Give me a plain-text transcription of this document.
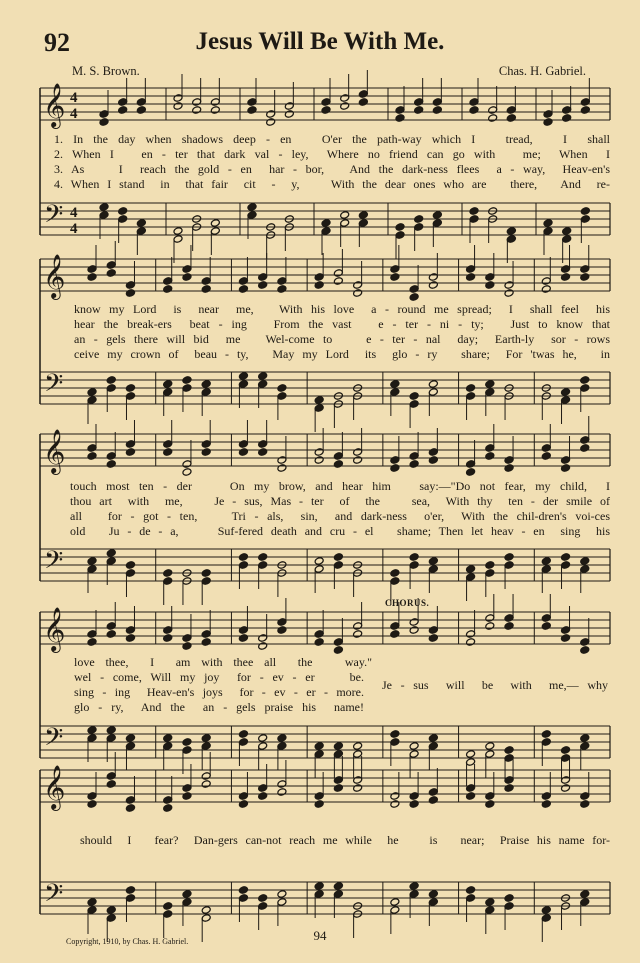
𝄞
𝄢
4
4
4
4
𝄞
𝄢
𝄞
𝄢
𝄞
𝄢
𝄞
𝄢
92	Jesus Will Be With Me.
M. S. Brown.	Chas. H. Gabriel.
1. In the day when shadows deep - en   O'er the path-way which I   tread,   I  shall
2. When I   en - ter that dark val - ley,  Where no friend can go with   me;  When  I
3. As    I  reach the gold - en  har - bor,   And the dark-ness flees  a - way,  Heav-en's
4. When I stand  in  that fair  cit  -  y,    With the dear ones who are   there,   And  re-
know my Lord  is  near  me,   With his love  a - round me spread;  I  shall feel  his
hear the break-ers  beat - ing   From the vast   e - ter - ni - ty;   Just to know that
an - gels there will bid  me   Wel-come to    e - ter - nal  day;  Earth-ly  sor - rows
ceive my crown of  beau - ty,   May my Lord  its  glo - ry   share;  For 'twas he,   in
touch most ten - der    On my brow, and hear him   say:—"Do not fear, my child,  I
thou art  with  me,    Je - sus, Mas - ter  of  the    sea,  With thy  ten - der smile of
all   for - got - ten,    Tri - als,  sin,  and dark-ness  o'er,  With the chil-dren's voi-ces
old   Ju - de - a,     Suf-fered death and cru - el   shame; Then let heav - en  sing  his
CHORUS.
love thee,  I  am with thee all  the   way."
wel - come, Will my joy  for - ev - er    be.
sing - ing  Heav-en's joys  for - ev - er - more.
glo - ry,  And the  an - gels praise his  name!
Je - sus  will  be  with  me,— why
should  I   fear?  Dan-gers can-not reach me while  he    is   near;  Praise his name for-
Copyright, 1910, by Chas. H. Gabriel.	94
